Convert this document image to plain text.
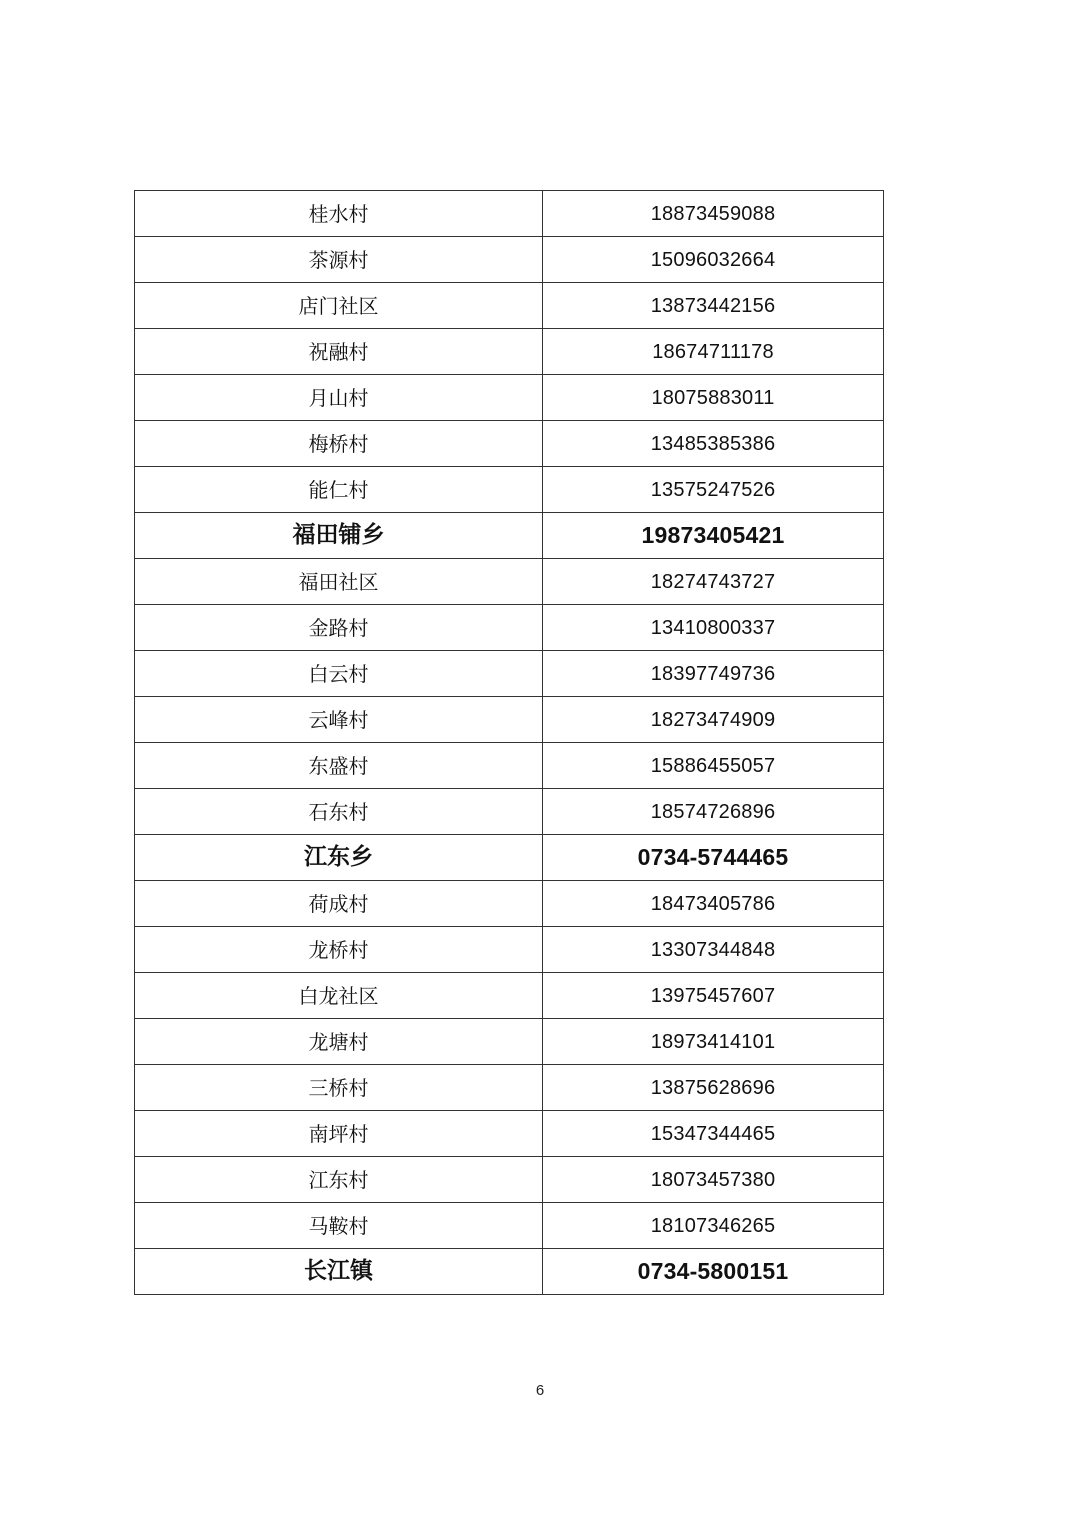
桂水村	18873459088
茶源村	15096032664
店门社区	13873442156
祝融村	18674711178
月山村	18075883011
梅桥村	13485385386
能仁村	13575247526
福田铺乡	19873405421
福田社区	18274743727
金路村	13410800337
白云村	18397749736
云峰村	18273474909
东盛村	15886455057
石东村	18574726896
江东乡	0734-5744465
荷成村	18473405786
龙桥村	13307344848
白龙社区	13975457607
龙塘村	18973414101
三桥村	13875628696
南坪村	15347344465
江东村	18073457380
马鞍村	18107346265
长江镇	0734-5800151
6
